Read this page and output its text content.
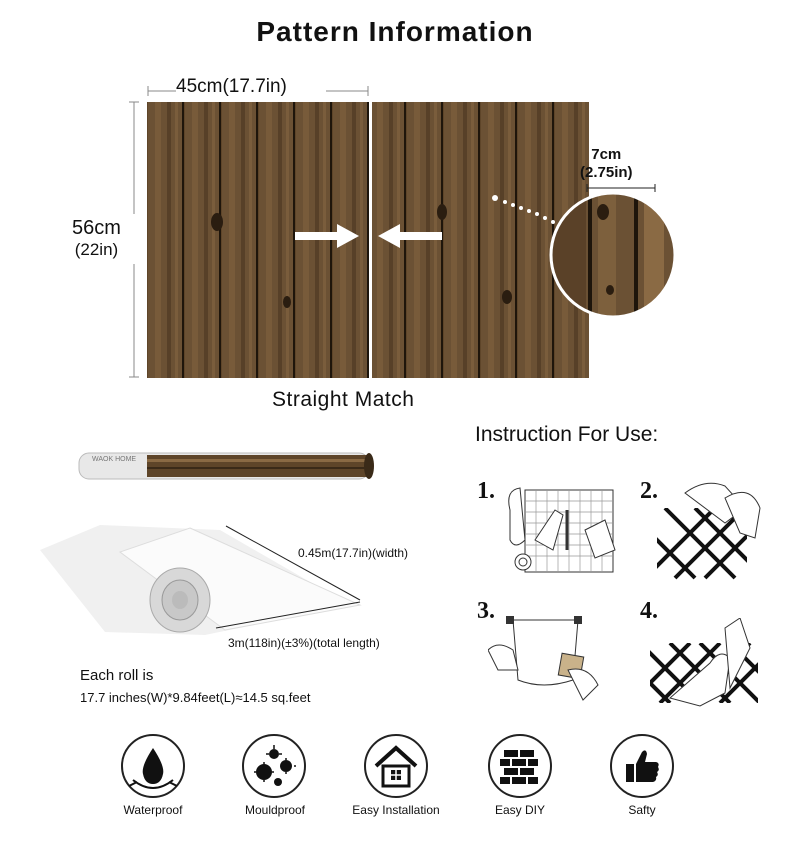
Pattern Information
45cm(17.7in)
56cm
(22in)
7cm
(2.75in)
Straight Match
WAOK HOME
0.45m(17.7in)(width)
3m(118in)(±3%)(total length)
Each roll is
17.7 inches(W)*9.84feet(L)≈14.5 sq.feet
Instruction For Use:
1.	2.
3.	4.
Waterproof	Mouldproof	Easy Installation	Easy DIY	Safty
